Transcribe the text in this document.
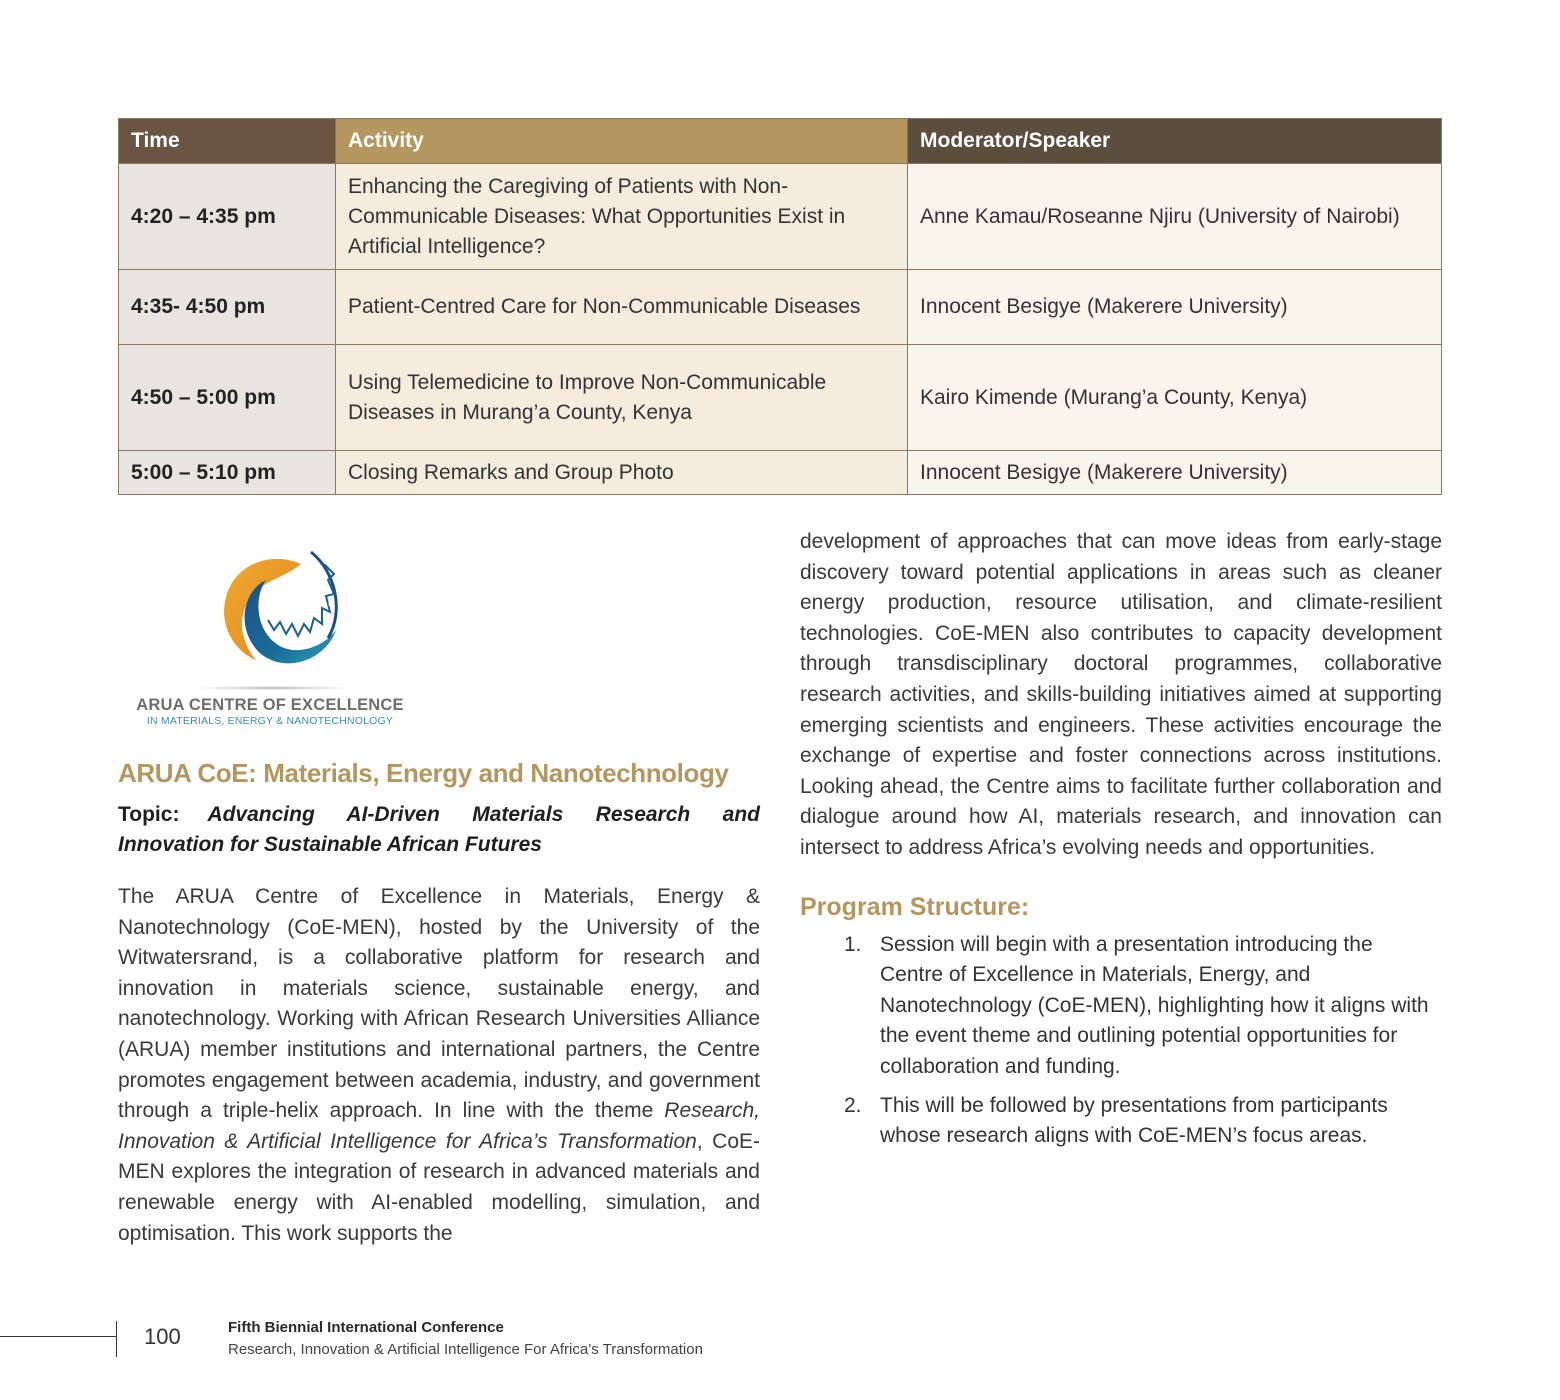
Time	Activity	Moderator/Speaker
4:20 – 4:35 pm	Enhancing the Caregiving of Patients with Non-Communicable Diseases: What Opportunities Exist in Artificial Intelligence?	Anne Kamau/Roseanne Njiru (University of Nairobi)
4:35- 4:50 pm	Patient-Centred Care for Non-Communicable Diseases	Innocent Besigye (Makerere University)
4:50 – 5:00 pm	Using Telemedicine to Improve Non-Communicable Diseases in Murang’a County, Kenya	Kairo Kimende (Murang’a County, Kenya)
5:00 – 5:10 pm	Closing Remarks and Group Photo	Innocent Besigye (Makerere University)
ARUA CENTRE OF EXCELLENCE
IN MATERIALS, ENERGY & NANOTECHNOLOGY
ARUA CoE: Materials, Energy and Nanotechnology

Topic: Advancing AI-Driven Materials Research and Innovation for Sustainable African Futures

The ARUA Centre of Excellence in Materials, Energy & Nanotechnology (CoE-MEN), hosted by the University of the Witwatersrand, is a collaborative platform for research and innovation in materials science, sustainable energy, and nanotechnology. Working with African Research Universities Alliance (ARUA) member institutions and international partners, the Centre promotes engagement between academia, industry, and government through a triple-helix approach. In line with the theme Research, Innovation & Artificial Intelligence for Africa’s Transformation, CoE-MEN explores the integration of research in advanced materials and renewable energy with AI-enabled modelling, simulation, and optimisation. This work supports the

development of approaches that can move ideas from early-stage discovery toward potential applications in areas such as cleaner energy production, resource utilisation, and climate-resilient technologies. CoE-MEN also contributes to capacity development through transdisciplinary doctoral programmes, collaborative research activities, and skills-building initiatives aimed at supporting emerging scientists and engineers. These activities encourage the exchange of expertise and foster connections across institutions. Looking ahead, the Centre aims to facilitate further collaboration and dialogue around how AI, materials research, and innovation can intersect to address Africa’s evolving needs and opportunities.

Program Structure:
1. Session will begin with a presentation introducing the Centre of Excellence in Materials, Energy, and Nanotechnology (CoE-MEN), highlighting how it aligns with the event theme and outlining potential opportunities for collaboration and funding.
2. This will be followed by presentations from participants whose research aligns with CoE-MEN’s focus areas.
100	Fifth Biennial International Conference
Research, Innovation & Artificial Intelligence For Africa’s Transformation
